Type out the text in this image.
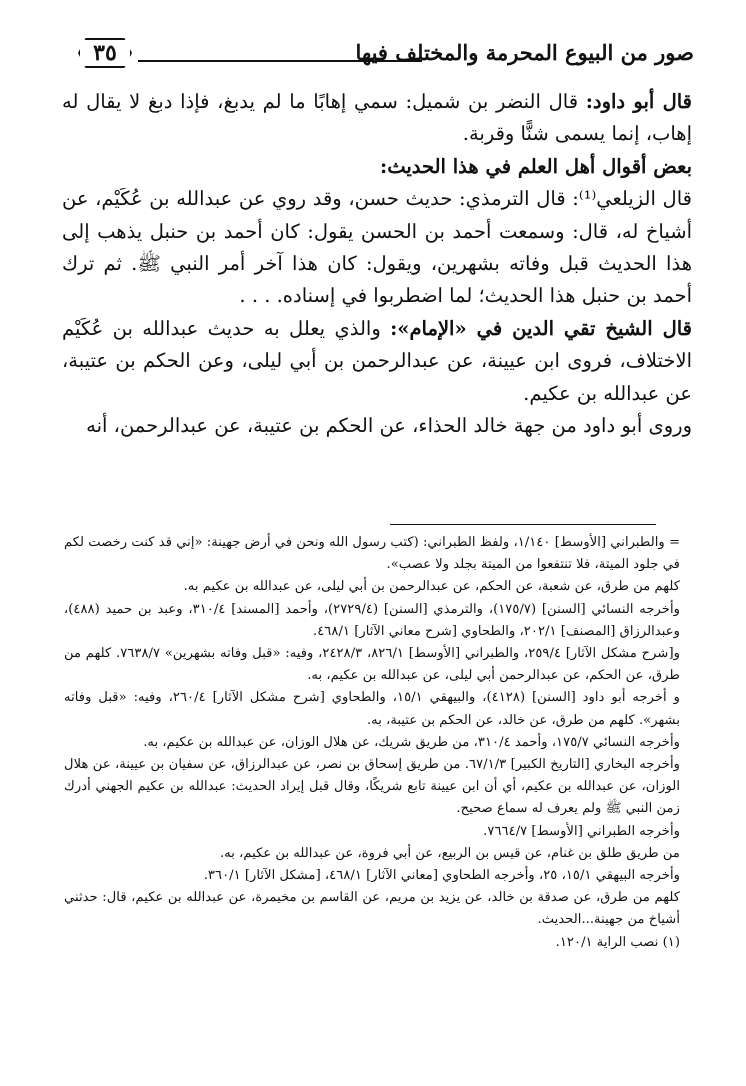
٣٥	صور من البيوع المحرمة والمختلف فيها

قال أبو داود: قال النضر بن شميل: سمي إهابًا ما لم يدبغ، فإذا دبغ لا يقال له إهاب، إنما يسمى شنًّا وقربة.

بعض أقوال أهل العلم في هذا الحديث:

قال الزيلعي⁽¹⁾: قال الترمذي: حديث حسن، وقد روي عن عبدالله بن عُكَيْم، عن أشياخ له، قال: وسمعت أحمد بن الحسن يقول: كان أحمد بن حنبل يذهب إلى هذا الحديث قبل وفاته بشهرين، ويقول: كان هذا آخر أمر النبي ﷺ. ثم ترك أحمد بن حنبل هذا الحديث؛ لما اضطربوا في إسناده. . . .

قال الشيخ تقي الدين في «الإمام»: والذي يعلل به حديث عبدالله بن عُكَيْم الاختلاف، فروى ابن عيينة، عن عبدالرحمن بن أبي ليلى، وعن الحكم بن عتيبة، عن عبدالله بن عكيم.

وروى أبو داود من جهة خالد الحذاء، عن الحكم بن عتيبة، عن عبدالرحمن، أنه

= والطبراني [الأوسط] ١/١٤٠، ولفظ الطبراني: (كتب رسول الله ونحن في أرض جهينة: «إني قد كنت رخصت لكم في جلود الميتة، فلا تنتفعوا من الميتة بجلد ولا عصب».

كلهم من طرق، عن شعبة، عن الحكم، عن عبدالرحمن بن أبي ليلى، عن عبدالله بن عكيم به.

وأخرجه النسائي [السنن] (١٧٥/٧)، والترمذي [السنن] (٢٧٢٩/٤)، وأحمد [المسند] ٣١٠/٤، وعبد بن حميد (٤٨٨)، وعبدالرزاق [المصنف] ٢٠٢/١، والطحاوي [شرح معاني الآثار] ٤٦٨/١.

و[شرح مشكل الآثار] ٢٥٩/٤، والطبراني [الأوسط] ٨٢٦/١، ٢٤٢٨/٣، وفيه: «قبل وفاته بشهرين» ٧٦٣٨/٧. كلهم من طرق، عن الحكم، عن عبدالرحمن أبي ليلى، عن عبدالله بن عكيم، به.

و أخرجه أبو داود [السنن] (٤١٢٨)، والبيهقي ١٥/١، والطحاوي [شرح مشكل الآثار] ٢٦٠/٤، وفيه: «قبل وفاته بشهر». كلهم من طرق، عن خالد، عن الحكم بن عتيبة، به.

وأخرجه النسائي ١٧٥/٧، وأحمد ٣١٠/٤، من طريق شريك، عن هلال الوزان، عن عبدالله بن عكيم، به.

وأخرجه البخاري [التاريخ الكبير] ٦٧/١/٣. من طريق إسحاق بن نصر، عن عبدالرزاق، عن سفيان بن عيينة، عن هلال الوزان، عن عبدالله بن عكيم، أي أن ابن عيينة تابع شريكًا، وقال قبل إيراد الحديث: عبدالله بن عكيم الجهني أدرك زمن النبي ﷺ ولم يعرف له سماع صحيح.

وأخرجه الطبراني [الأوسط] ٧٦٦٤/٧.

من طريق طلق بن غنام، عن قيس بن الربيع، عن أبي فروة، عن عبدالله بن عكيم، به.

وأخرجه البيهقي ١٥/١، ٢٥، وأخرجه الطحاوي [معاني الآثار] ٤٦٨/١، [مشكل الآثار] ٣٦٠/١.

كلهم من طرق، عن صدقة بن خالد، عن يزيد بن مريم، عن القاسم بن مخيمرة، عن عبدالله بن عكيم، قال: حدثني أشياخ من جهينة...الحديث.

(١) نصب الراية ١٢٠/١.
